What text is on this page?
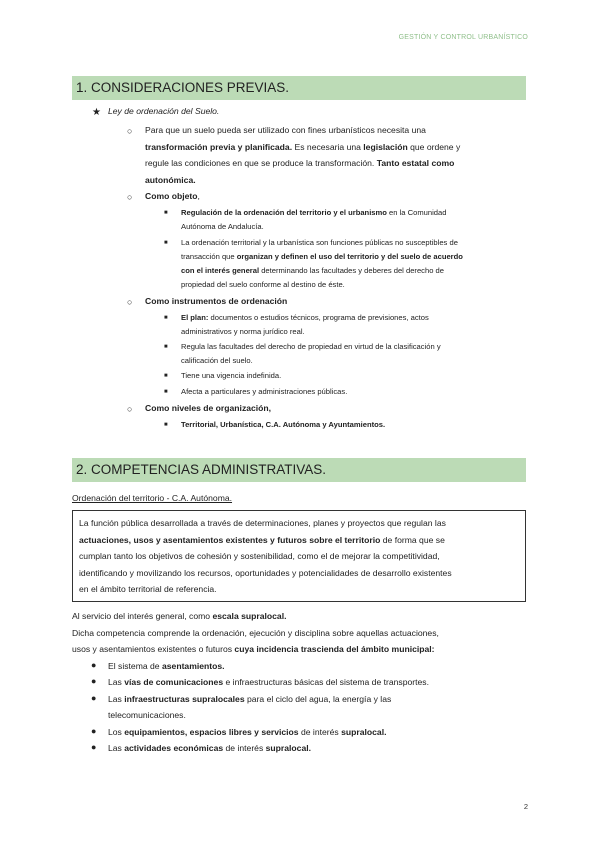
GESTIÓN Y CONTROL URBANÍSTICO
1. CONSIDERACIONES PREVIAS.
★ Ley de ordenación del Suelo.
○ Para que un suelo pueda ser utilizado con fines urbanísticos necesita una
transformación previa y planificada. Es necesaria una legislación que ordene y
regule las condiciones en que se produce la transformación. Tanto estatal como
autonómica.
○ Como objeto,
■ Regulación de la ordenación del territorio y el urbanismo en la Comunidad
Autónoma de Andalucía.
■ La ordenación territorial y la urbanística son funciones públicas no susceptibles de
transacción que organizan y definen el uso del territorio y del suelo de acuerdo
con el interés general determinando las facultades y deberes del derecho de
propiedad del suelo conforme al destino de éste.
○ Como instrumentos de ordenación
■ El plan: documentos o estudios técnicos, programa de previsiones, actos
administrativos y norma jurídico real.
■ Regula las facultades del derecho de propiedad en virtud de la clasificación y
calificación del suelo.
■ Tiene una vigencia indefinida.
■ Afecta a particulares y administraciones públicas.
○ Como niveles de organización,
■ Territorial, Urbanística, C.A. Autónoma y Ayuntamientos.
2. COMPETENCIAS ADMINISTRATIVAS.
Ordenación del territorio - C.A. Autónoma.
La función pública desarrollada a través de determinaciones, planes y proyectos que regulan las
actuaciones, usos y asentamientos existentes y futuros sobre el territorio de forma que se
cumplan tanto los objetivos de cohesión y sostenibilidad, como el de mejorar la competitividad,
identificando y movilizando los recursos, oportunidades y potencialidades de desarrollo existentes
en el ámbito territorial de referencia.
Al servicio del interés general, como escala supralocal.
Dicha competencia comprende la ordenación, ejecución y disciplina sobre aquellas actuaciones,
usos y asentamientos existentes o futuros cuya incidencia trascienda del ámbito municipal:
● El sistema de asentamientos.
● Las vías de comunicaciones e infraestructuras básicas del sistema de transportes.
● Las infraestructuras supralocales para el ciclo del agua, la energía y las
telecomunicaciones.
● Los equipamientos, espacios libres y servicios de interés supralocal.
● Las actividades económicas de interés supralocal.
2
